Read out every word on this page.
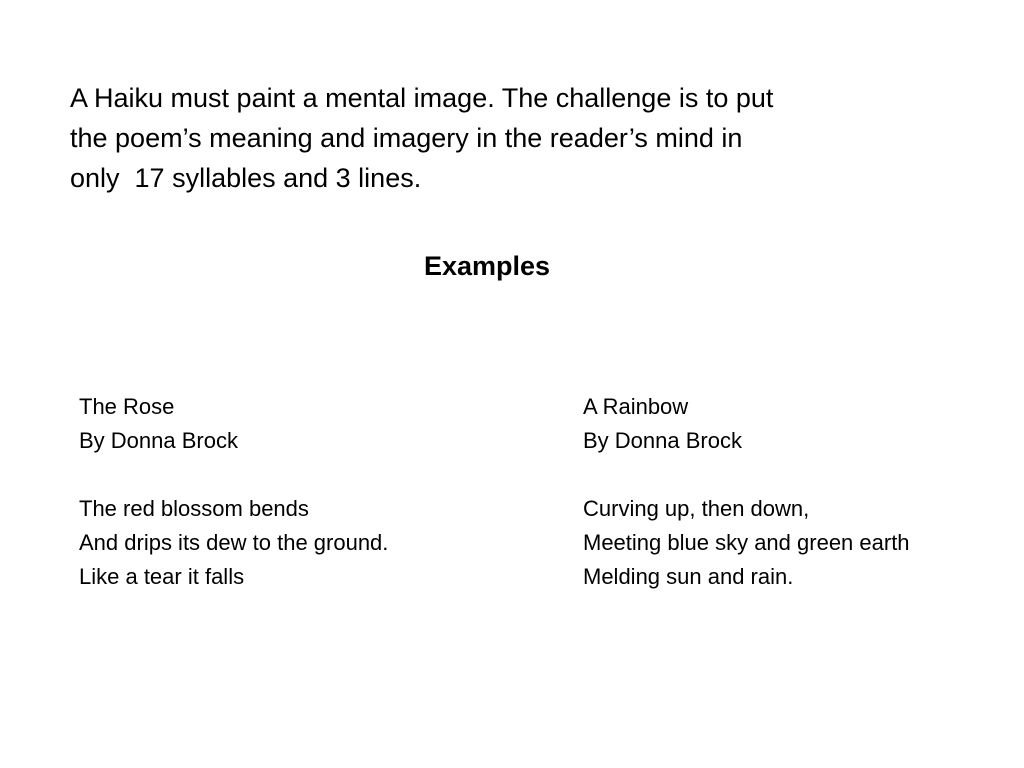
A Haiku must paint a mental image. The challenge is to put
the poem’s meaning and imagery in the reader’s mind in
only  17 syllables and 3 lines.

Examples
The Rose
By Donna Brock
The red blossom bends
And drips its dew to the ground.
Like a tear it falls
A Rainbow
By Donna Brock
Curving up, then down,
Meeting blue sky and green earth
Melding sun and rain.
